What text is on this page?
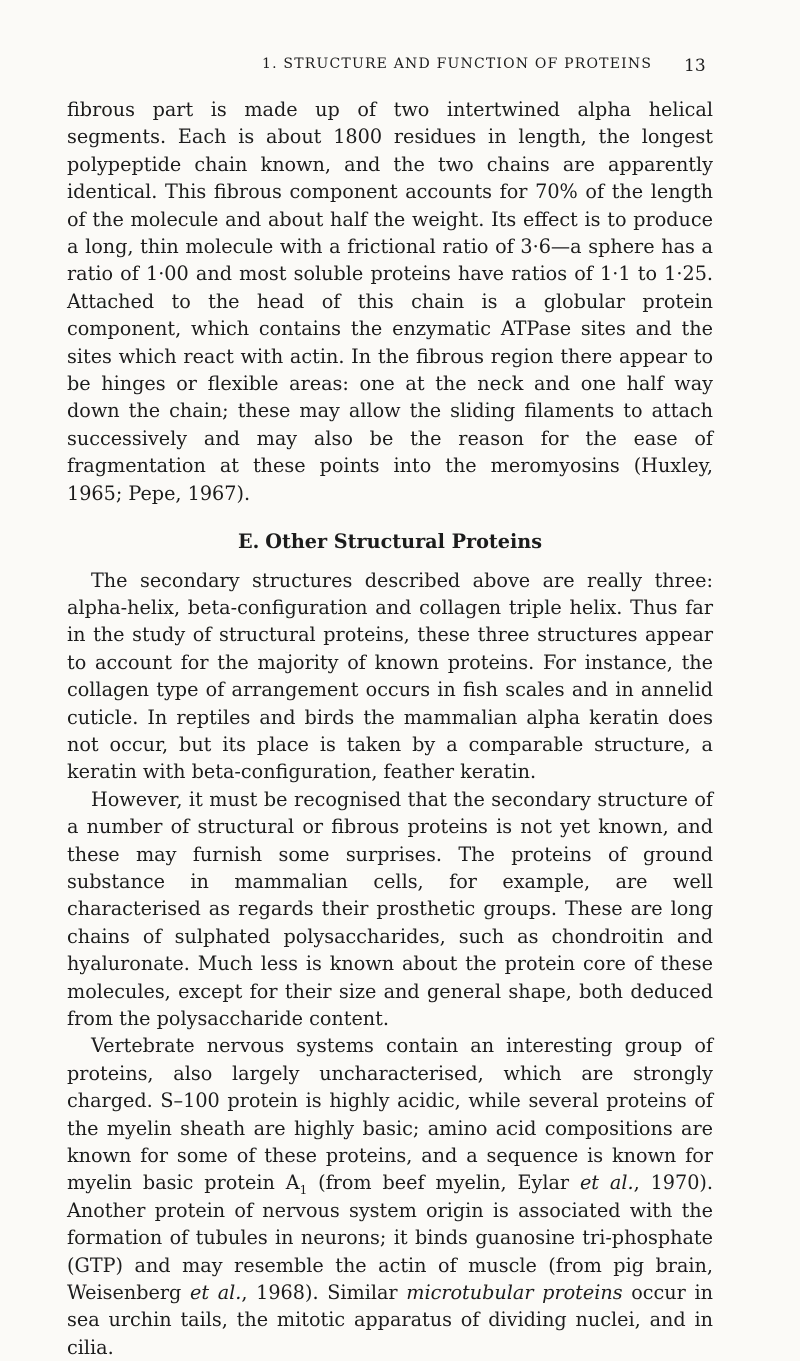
1. STRUCTURE AND FUNCTION OF PROTEINS 13

fibrous part is made up of two intertwined alpha helical segments. Each is about 1800 residues in length, the longest polypeptide chain known, and the two chains are apparently identical. This fibrous component accounts for 70% of the length of the molecule and about half the weight. Its effect is to produce a long, thin molecule with a frictional ratio of 3·6—a sphere has a ratio of 1·00 and most soluble proteins have ratios of 1·1 to 1·25. Attached to the head of this chain is a globular protein component, which contains the enzymatic ATPase sites and the sites which react with actin. In the fibrous region there appear to be hinges or flexible areas: one at the neck and one half way down the chain; these may allow the sliding filaments to attach successively and may also be the reason for the ease of fragmentation at these points into the meromyosins (Huxley, 1965; Pepe, 1967).

E. Other Structural Proteins

The secondary structures described above are really three: alpha-helix, beta-configuration and collagen triple helix. Thus far in the study of structural proteins, these three structures appear to account for the majority of known proteins. For instance, the collagen type of arrangement occurs in fish scales and in annelid cuticle. In reptiles and birds the mammalian alpha keratin does not occur, but its place is taken by a comparable structure, a keratin with beta-configuration, feather keratin.

However, it must be recognised that the secondary structure of a number of structural or fibrous proteins is not yet known, and these may furnish some surprises. The proteins of ground substance in mammalian cells, for example, are well characterised as regards their prosthetic groups. These are long chains of sulphated polysaccharides, such as chondroitin and hyaluronate. Much less is known about the protein core of these molecules, except for their size and general shape, both deduced from the polysaccharide content.

Vertebrate nervous systems contain an interesting group of proteins, also largely uncharacterised, which are strongly charged. S–100 protein is highly acidic, while several proteins of the myelin sheath are highly basic; amino acid compositions are known for some of these proteins, and a sequence is known for myelin basic protein $A_1$ (from beef myelin, Eylar et al., 1970). Another protein of nervous system origin is associated with the formation of tubules in neurons; it binds guanosine tri-phosphate (GTP) and may resemble the actin of muscle (from pig brain, Weisenberg et al., 1968). Similar microtubular proteins occur in sea urchin tails, the mitotic apparatus of dividing nuclei, and in cilia.
